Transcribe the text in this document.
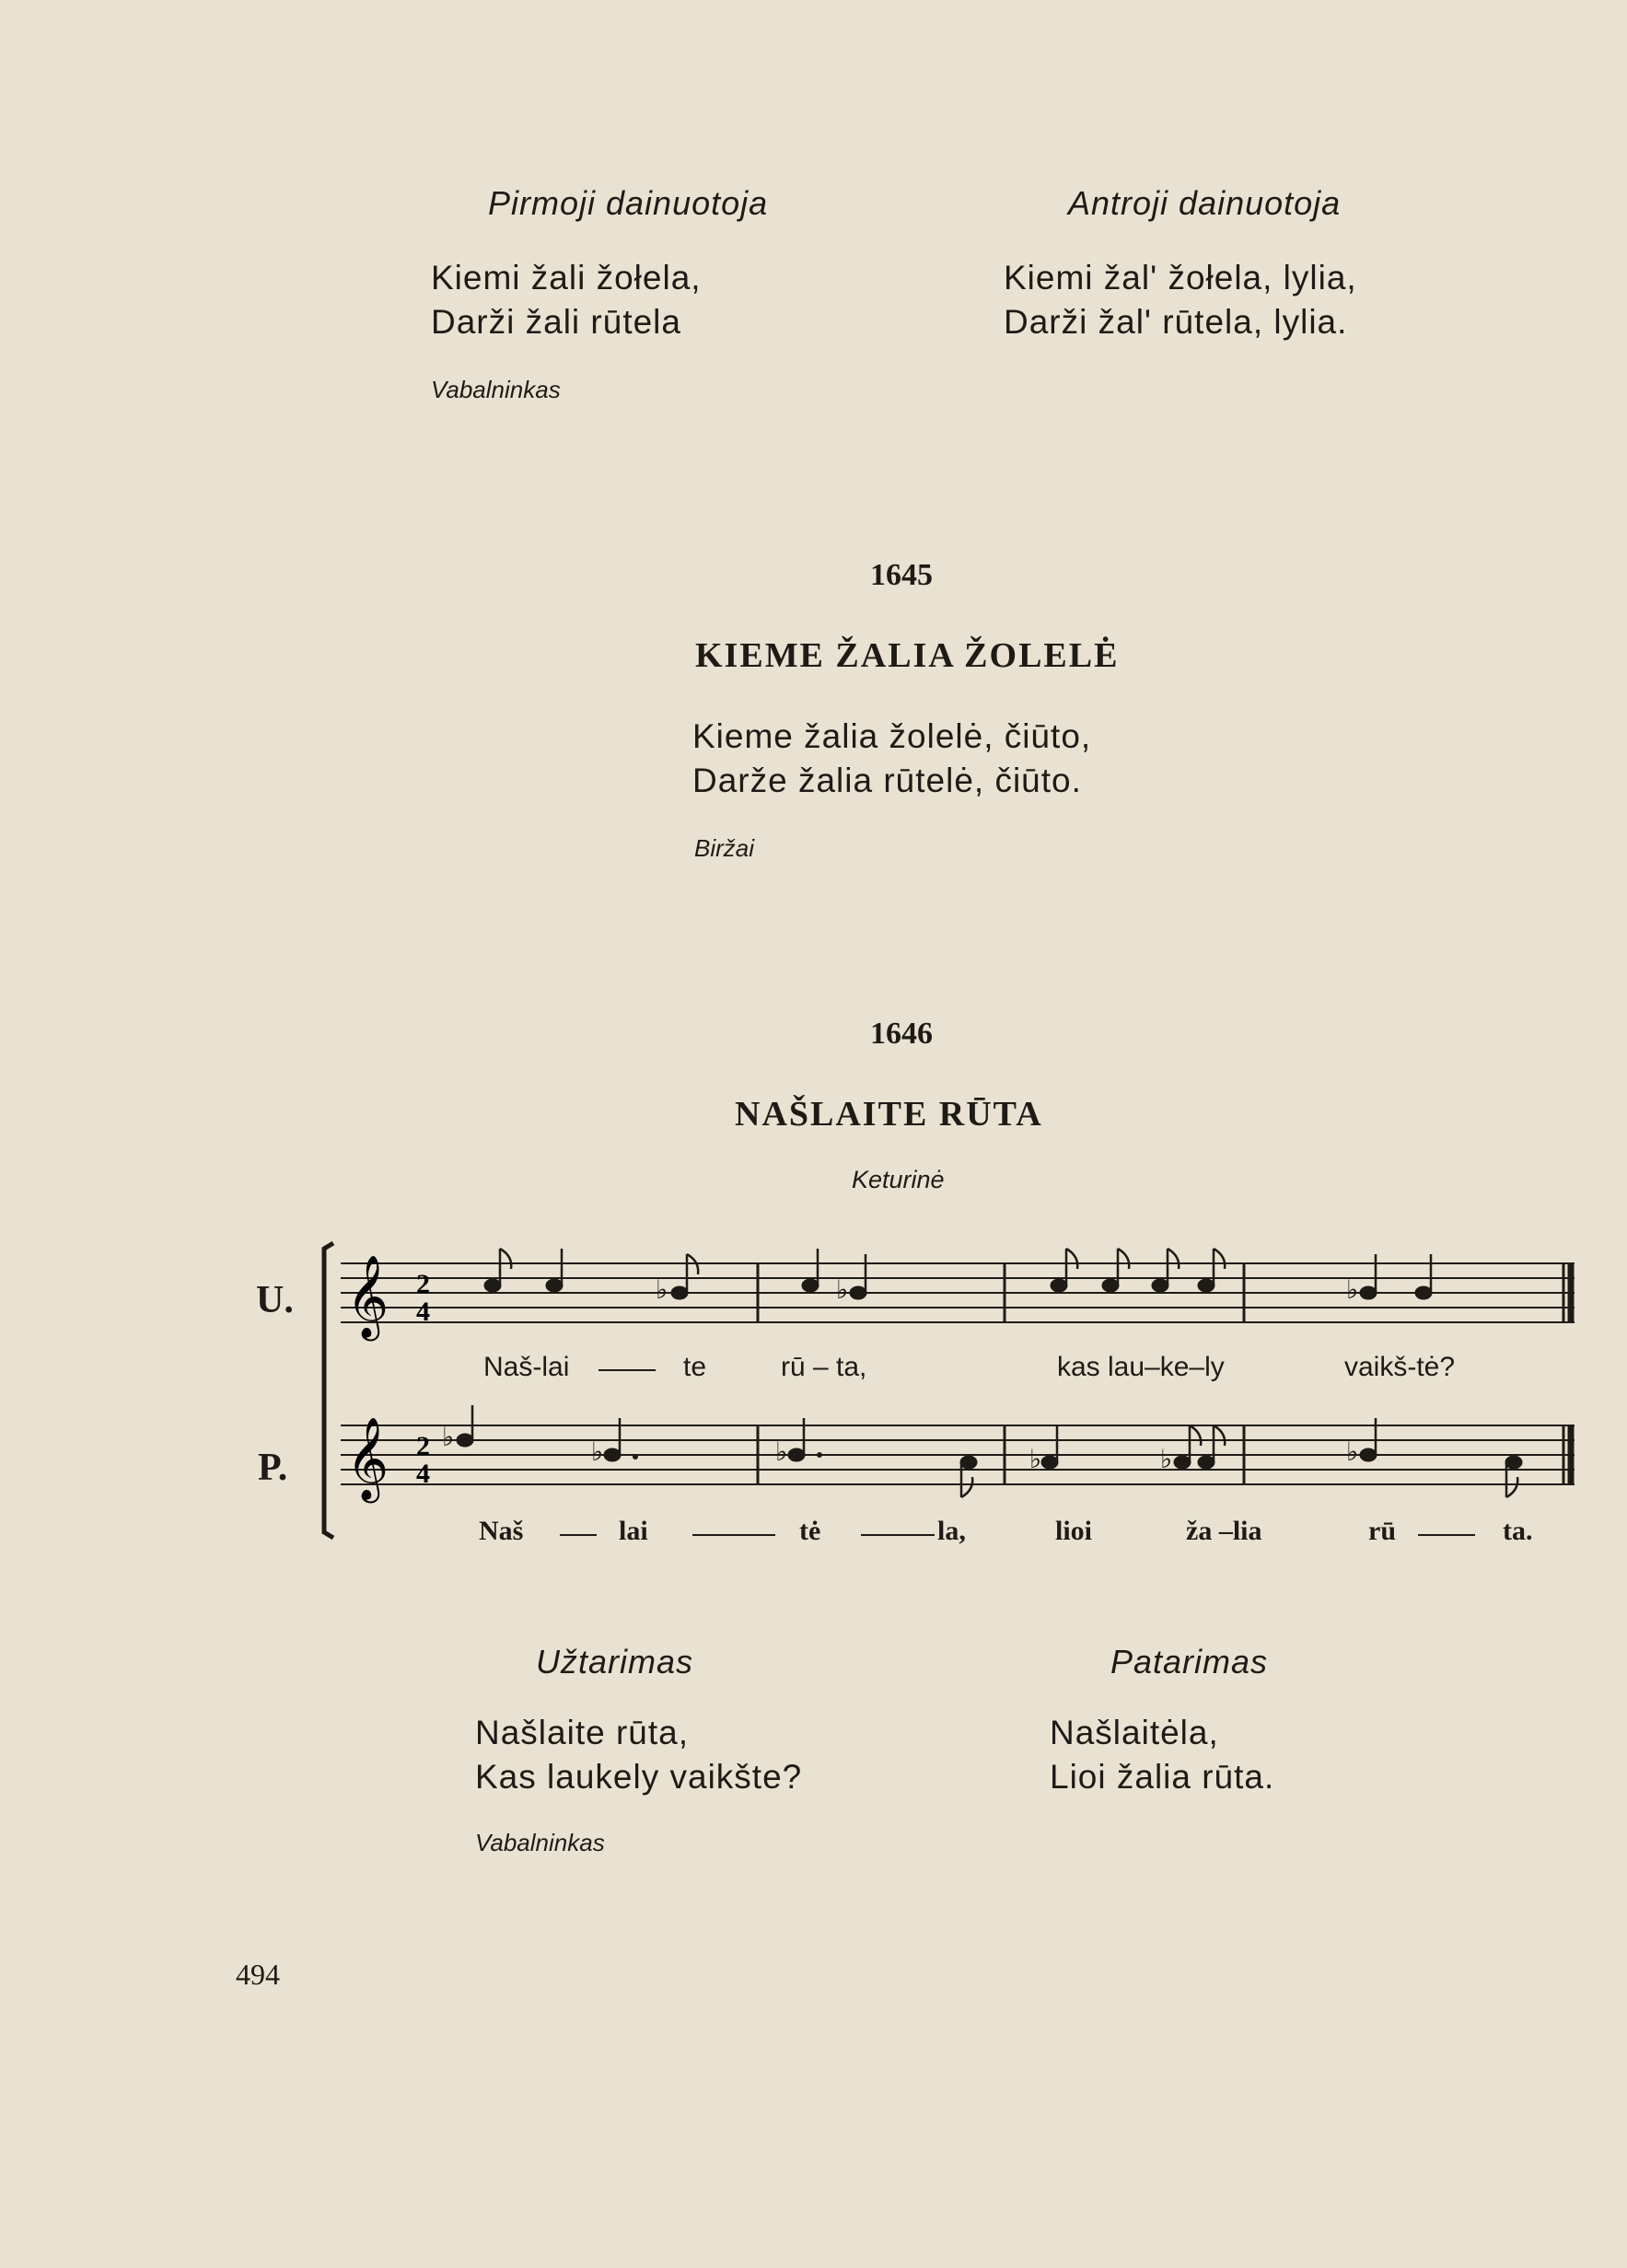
Pirmoji dainuotoja	Antroji dainuotoja
Kiemi žali žołela,
Darži žali rūtela
Kiemi žal' žołela, lylia,
Darži žal' rūtela, lylia.
Vabalninkas
1645
KIEME ŽALIA ŽOLELĖ
Kieme žalia žolelė, čiūto,
Darže žalia rūtelė, čiūto.
Biržai
1646
NAŠLAITE RŪTA
Keturinė
U.
P.
𝄞
𝄞
2
4
2
4
♭	♭	♭
♭
♭	♭	♭	♭	♭
Naš-lai	te	rū – ta,	kas lau–ke–ly	vaikš-tė?
Naš	lai	tė	la,	lioi	ža –lia	rū	ta.
Užtarimas	Patarimas
Našlaite rūta,
Kas laukely vaikšte?
Našlaitėla,
Lioi žalia rūta.
Vabalninkas
494
